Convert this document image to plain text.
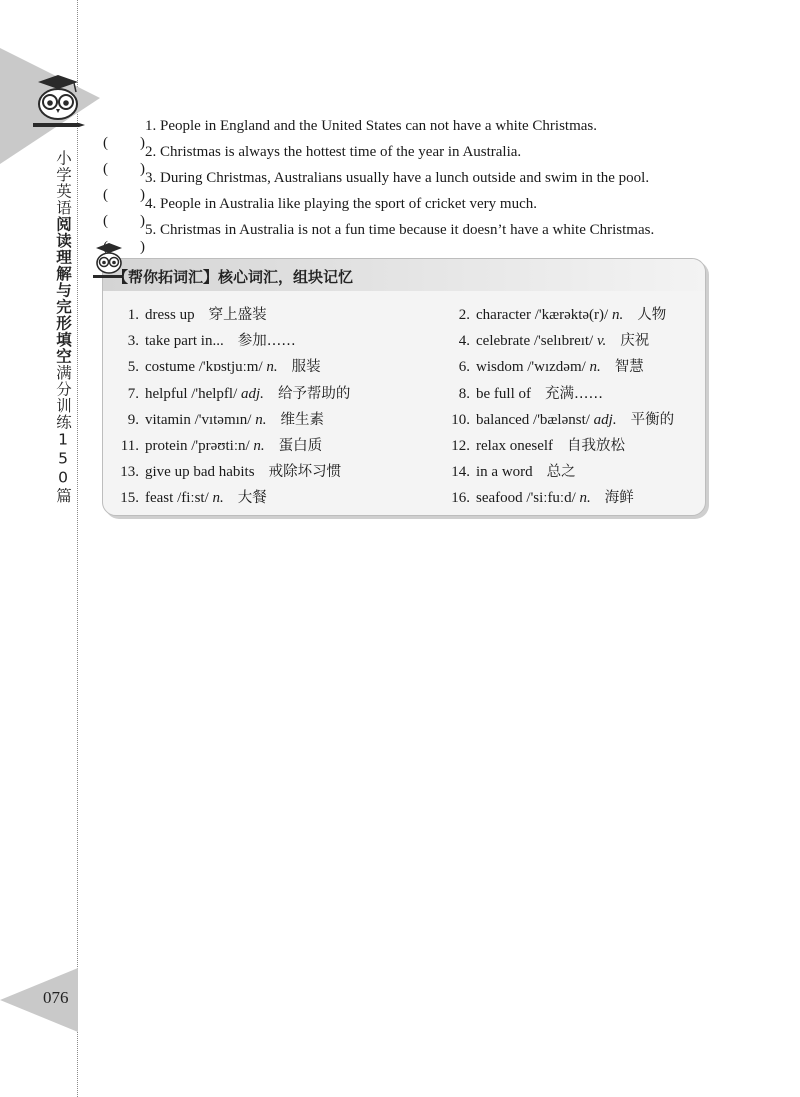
小学英语阅读理解与完形填空满分训练150篇
076
( )
1. People in England and the United States can not have a white Christmas.
( )
2. Christmas is always the hottest time of the year in Australia.
( )
3. During Christmas, Australians usually have a lunch outside and swim in the pool.
( )
4. People in Australia like playing the sport of cricket very much.
)
5. Christmas in Australia is not a fun time because it doesn’t have a white Christmas.
【帮你拓词汇】核心词汇，组块记忆
1. dress up 穿上盛装	2. character /'kærəktə(r)/ n. 人物
3. take part in... 参加……	4. celebrate /'selıbreıt/ v. 庆祝
5. costume /'kɒstjuːm/ n. 服装	6. wisdom /'wızdəm/ n. 智慧
7. helpful /'helpfl/ adj. 给予帮助的	8. be full of 充满……
9. vitamin /'vıtəmın/ n. 维生素	10. balanced /'bælənst/ adj. 平衡的
11. protein /'prəʊtiːn/ n. 蛋白质	12. relax oneself 自我放松
13. give up bad habits 戒除坏习惯	14. in a word 总之
15. feast /fiːst/ n. 大餐	16. seafood /'siːfuːd/ n. 海鲜
